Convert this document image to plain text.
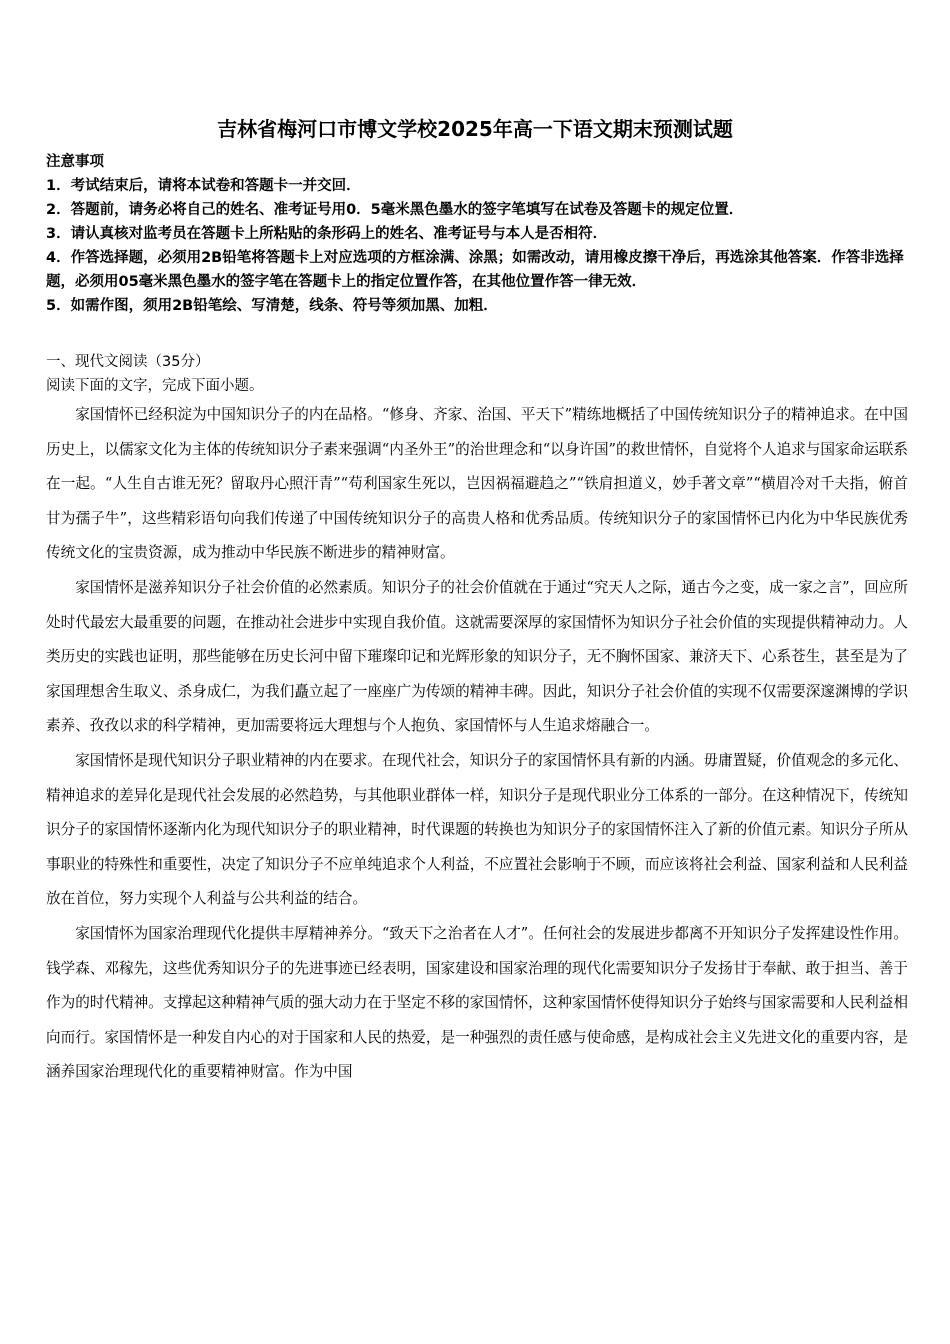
吉林省梅河口市博文学校2025年高一下语文期末预测试题
注意事项

1．考试结束后，请将本试卷和答题卡一并交回．

2．答题前，请务必将自己的姓名、准考证号用0．5毫米黑色墨水的签字笔填写在试卷及答题卡的规定位置．

3．请认真核对监考员在答题卡上所粘贴的条形码上的姓名、准考证号与本人是否相符．

4．作答选择题，必须用2B铅笔将答题卡上对应选项的方框涂满、涂黑；如需改动，请用橡皮擦干净后，再选涂其他答案．作答非选择题，必须用05毫米黑色墨水的签字笔在答题卡上的指定位置作答，在其他位置作答一律无效．

5．如需作图，须用2B铅笔绘、写清楚，线条、符号等须加黑、加粗．

一、现代文阅读（35分）

阅读下面的文字，完成下面小题。

家国情怀已经积淀为中国知识分子的内在品格。“修身、齐家、治国、平天下”精练地概括了中国传统知识分子的精神追求。在中国历史上，以儒家文化为主体的传统知识分子素来强调“内圣外王”的治世理念和“以身许国”的救世情怀，自觉将个人追求与国家命运联系在一起。“人生自古谁无死？留取丹心照汗青”“苟利国家生死以，岂因祸福避趋之”“铁肩担道义，妙手著文章”“横眉冷对千夫指，俯首甘为孺子牛”，这些精彩语句向我们传递了中国传统知识分子的高贵人格和优秀品质。传统知识分子的家国情怀已内化为中华民族优秀传统文化的宝贵资源，成为推动中华民族不断进步的精神财富。

家国情怀是滋养知识分子社会价值的必然素质。知识分子的社会价值就在于通过“究天人之际，通古今之变，成一家之言”，回应所处时代最宏大最重要的问题，在推动社会进步中实现自我价值。这就需要深厚的家国情怀为知识分子社会价值的实现提供精神动力。人类历史的实践也证明，那些能够在历史长河中留下璀璨印记和光辉形象的知识分子，无不胸怀国家、兼济天下、心系苍生，甚至是为了家国理想舍生取义、杀身成仁，为我们矗立起了一座座广为传颂的精神丰碑。因此，知识分子社会价值的实现不仅需要深邃渊博的学识素养、孜孜以求的科学精神，更加需要将远大理想与个人抱负、家国情怀与人生追求熔融合一。

家国情怀是现代知识分子职业精神的内在要求。在现代社会，知识分子的家国情怀具有新的内涵。毋庸置疑，价值观念的多元化、精神追求的差异化是现代社会发展的必然趋势，与其他职业群体一样，知识分子是现代职业分工体系的一部分。在这种情况下，传统知识分子的家国情怀逐渐内化为现代知识分子的职业精神，时代课题的转换也为知识分子的家国情怀注入了新的价值元素。知识分子所从事职业的特殊性和重要性，决定了知识分子不应单纯追求个人利益，不应置社会影响于不顾，而应该将社会利益、国家利益和人民利益放在首位，努力实现个人利益与公共利益的结合。

家国情怀为国家治理现代化提供丰厚精神养分。“致天下之治者在人才”。任何社会的发展进步都离不开知识分子发挥建设性作用。钱学森、邓稼先，这些优秀知识分子的先进事迹已经表明，国家建设和国家治理的现代化需要知识分子发扬甘于奉献、敢于担当、善于作为的时代精神。支撑起这种精神气质的强大动力在于坚定不移的家国情怀，这种家国情怀使得知识分子始终与国家需要和人民利益相向而行。家国情怀是一种发自内心的对于国家和人民的热爱，是一种强烈的责任感与使命感，是构成社会主义先进文化的重要内容，是涵养国家治理现代化的重要精神财富。作为中国
